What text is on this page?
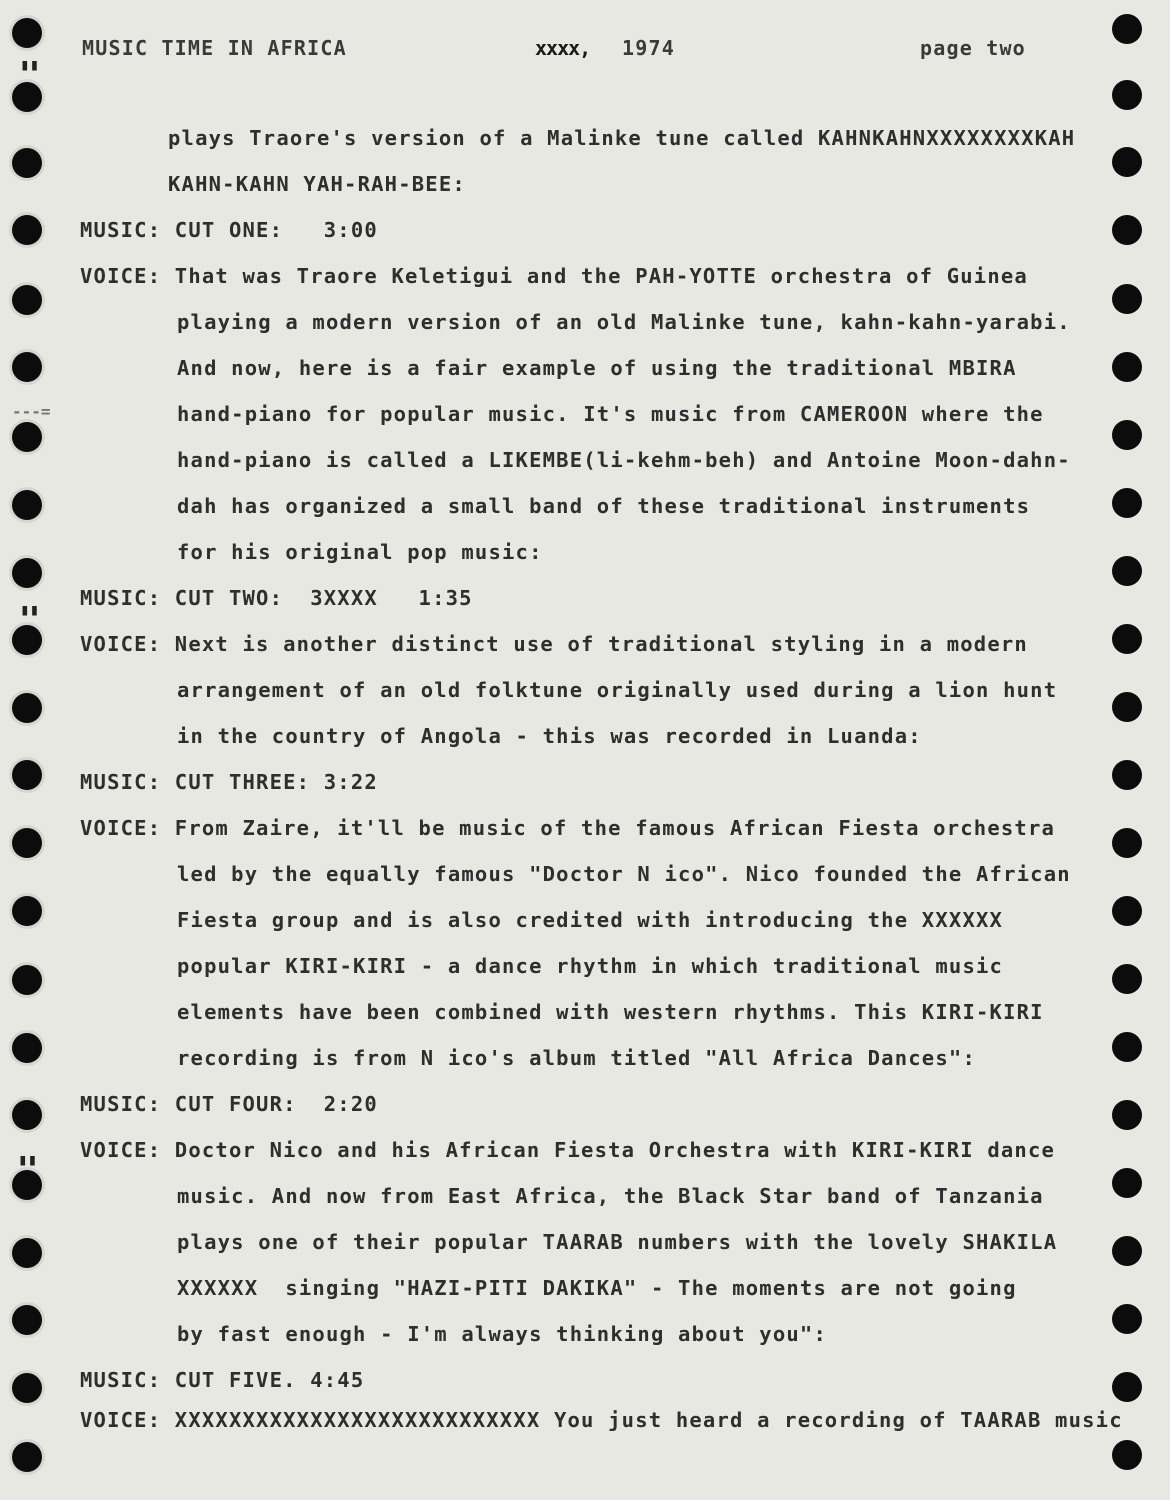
▮▮
▮▮
‑‑‑=
▮▮
MUSIC TIME IN AFRICA	xxxx, 1974	page two
plays Traore's version of a Malinke tune called KAHNKAHNXXXXXXXXKAH
KAHN-KAHN YAH-RAH-BEE:
MUSIC: CUT ONE:   3:00
VOICE: That was Traore Keletigui and the PAH-YOTTE orchestra of Guinea
playing a modern version of an old Malinke tune, kahn-kahn-yarabi.
And now, here is a fair example of using the traditional MBIRA
hand-piano for popular music. It's music from CAMEROON where the
hand-piano is called a LIKEMBE(li-kehm-beh) and Antoine Moon-dahn-
dah has organized a small band of these traditional instruments
for his original pop music:
MUSIC: CUT TWO:  3XXXX   1:35
VOICE: Next is another distinct use of traditional styling in a modern
arrangement of an old folktune originally used during a lion hunt
in the country of Angola - this was recorded in Luanda:
MUSIC: CUT THREE: 3:22
VOICE: From Zaire, it'll be music of the famous African Fiesta orchestra
led by the equally famous "Doctor N ico". Nico founded the African
Fiesta group and is also credited with introducing the XXXXXX
popular KIRI-KIRI - a dance rhythm in which traditional music
elements have been combined with western rhythms. This KIRI-KIRI
recording is from N ico's album titled "All Africa Dances":
MUSIC: CUT FOUR:  2:20
VOICE: Doctor Nico and his African Fiesta Orchestra with KIRI-KIRI dance
music. And now from East Africa, the Black Star band of Tanzania
plays one of their popular TAARAB numbers with the lovely SHAKILA
XXXXXX  singing "HAZI-PITI DAKIKA" - The moments are not going
by fast enough - I'm always thinking about you":
MUSIC: CUT FIVE. 4:45
VOICE: XXXXXXXXXXXXXXXXXXXXXXXXXXX You just heard a recording of TAARAB music
